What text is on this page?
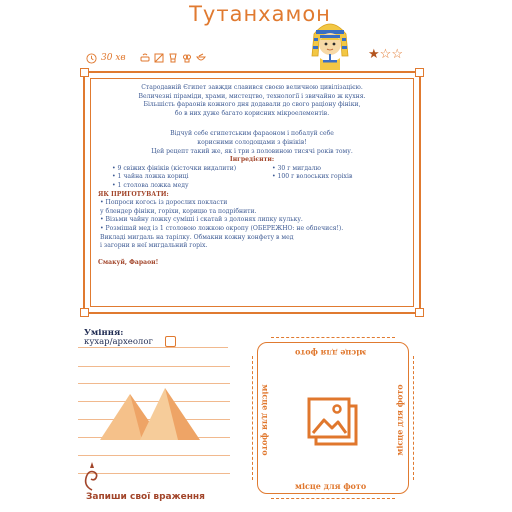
Тутанхамон
30 хв	★☆☆
Стародавній Єгипет завжди славився своєю величною цивілізацією.
Величезні піраміди, храми, мистецтво, технології і звичайно ж кухня.
Більшість фараонів кожного дня додавали до свого раціону фініки,
бо в них дуже багато корисних мікроелементів.
Відчуй себе єгипетським фараоном і побалуй себе
корисними солодощами з фініків!
Цей рецепт такий же, як і три з половиною тисячі років тому.
Інгредієнти:
• 9 свіжих фініків (кісточки видалити)	• 30 г мигдалю
• 1 чайна ложка кориці	• 100 г волоських горіхів
• 1 столова ложка меду
ЯК ПРИГОТУВАТИ:
• Попроси когось із дорослих покласти
у блендер фініки, горіхи, корицю та подрібнити.
• Візьми чайну ложку суміші і скатай з долонях липку кульку.
• Розмішай мед із 1 столовою ложкою окропу (ОБЕРЕЖНО: не обпечися!).
Викладі мигдаль на тарілку. Обмакни кожну конфету в мед
і загорни в неї мигдальний горіх.
Смакуй, Фараон!
Уміння:
кухар/археолог
Запиши свої враження
місце для фото
місце для фото
місце для фото	місце для фото
